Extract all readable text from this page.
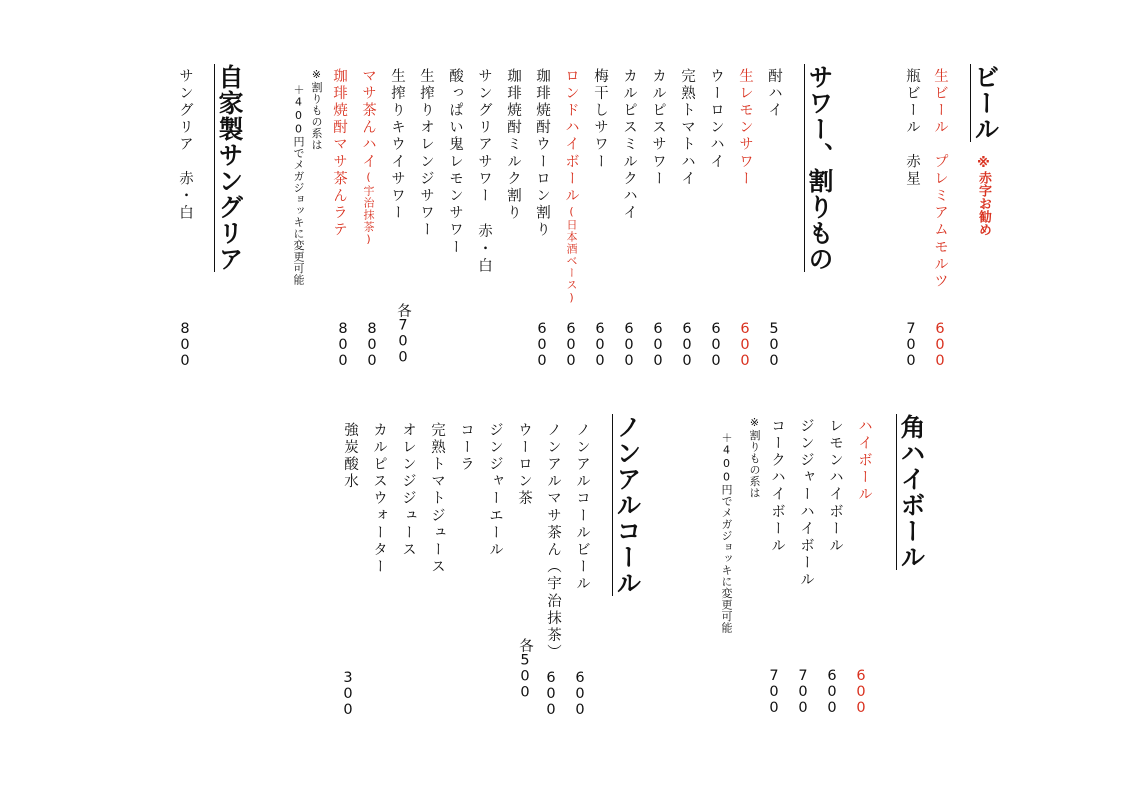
ビール
※赤字お勧め
生ビール　プレミアムモルツ
600
瓶ビール　赤星
700
サワー、割りもの
酎ハイ
500
生レモンサワー
600
ウーロンハイ
600
完熟トマトハイ
600
カルピスサワー
600
カルピスミルクハイ
600
梅干しサワー
600
ロンドハイボール(日本酒ベース)
600
珈琲焼酎ウーロン割り
600
珈琲焼酎ミルク割り
サングリアサワー 赤・白
酸っぱい鬼レモンサワー
生搾りオレンジサワー
生搾りキウイサワー
各700
マサ茶んハイ(宇治抹茶)
800
珈琲焼酎マサ茶んラテ
800
※割りもの系は
＋400円でメガジョッキに変更可能
自家製サングリア
サングリア　赤・白
800
角ハイボール
ハイボール
600
レモンハイボール
600
ジンジャーハイボール
700
コークハイボール
700
※割りもの系は
＋400円でメガジョッキに変更可能
ノンアルコール
ノンアルコールビール
600
ノンアルマサ茶ん（宇治抹茶）
600
ウーロン茶
各500
ジンジャーエール
コーラ
完熟トマトジュース
オレンジジュース
カルピスウォーター
強炭酸水
300
